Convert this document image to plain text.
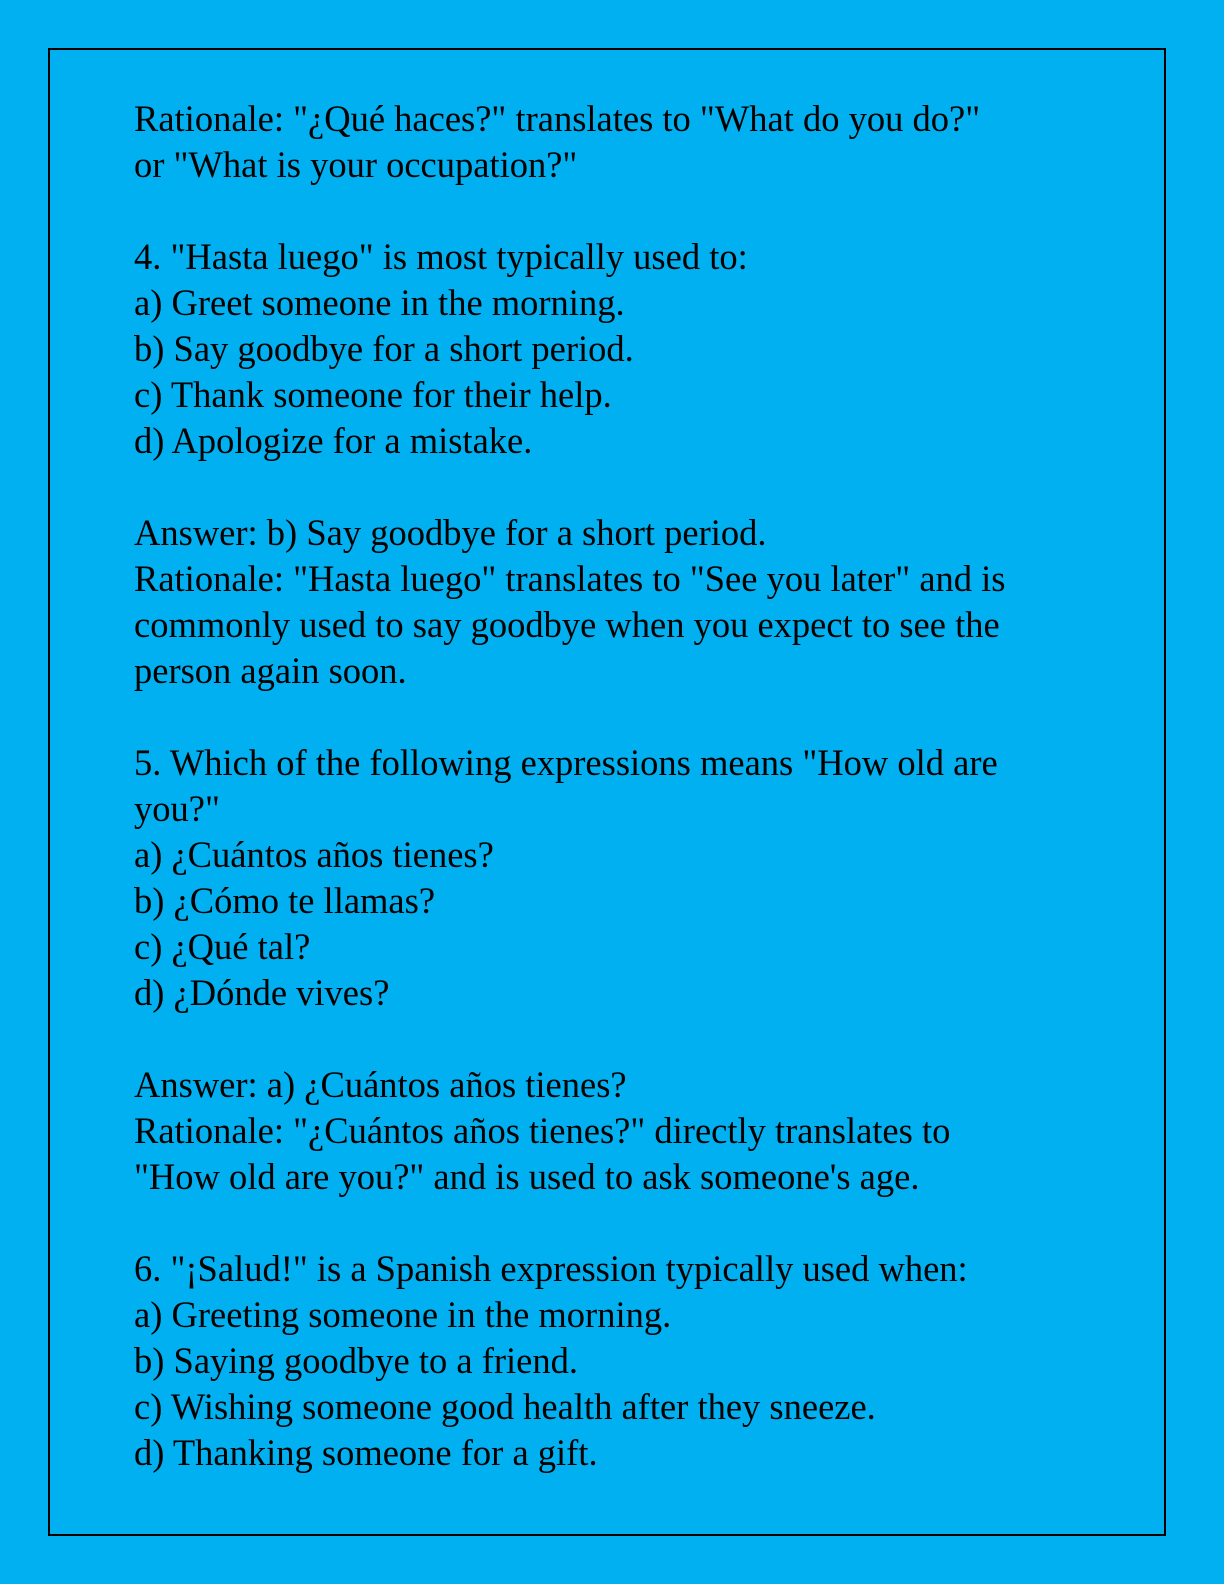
Rationale: "¿Qué haces?" translates to "What do you do?"
or "What is your occupation?"
4. "Hasta luego" is most typically used to:
a) Greet someone in the morning.
b) Say goodbye for a short period.
c) Thank someone for their help.
d) Apologize for a mistake.
Answer: b) Say goodbye for a short period.
Rationale: "Hasta luego" translates to "See you later" and is
commonly used to say goodbye when you expect to see the
person again soon.
5. Which of the following expressions means "How old are
you?"
a) ¿Cuántos años tienes?
b) ¿Cómo te llamas?
c) ¿Qué tal?
d) ¿Dónde vives?
Answer: a) ¿Cuántos años tienes?
Rationale: "¿Cuántos años tienes?" directly translates to
"How old are you?" and is used to ask someone's age.
6. "¡Salud!" is a Spanish expression typically used when:
a) Greeting someone in the morning.
b) Saying goodbye to a friend.
c) Wishing someone good health after they sneeze.
d) Thanking someone for a gift.
